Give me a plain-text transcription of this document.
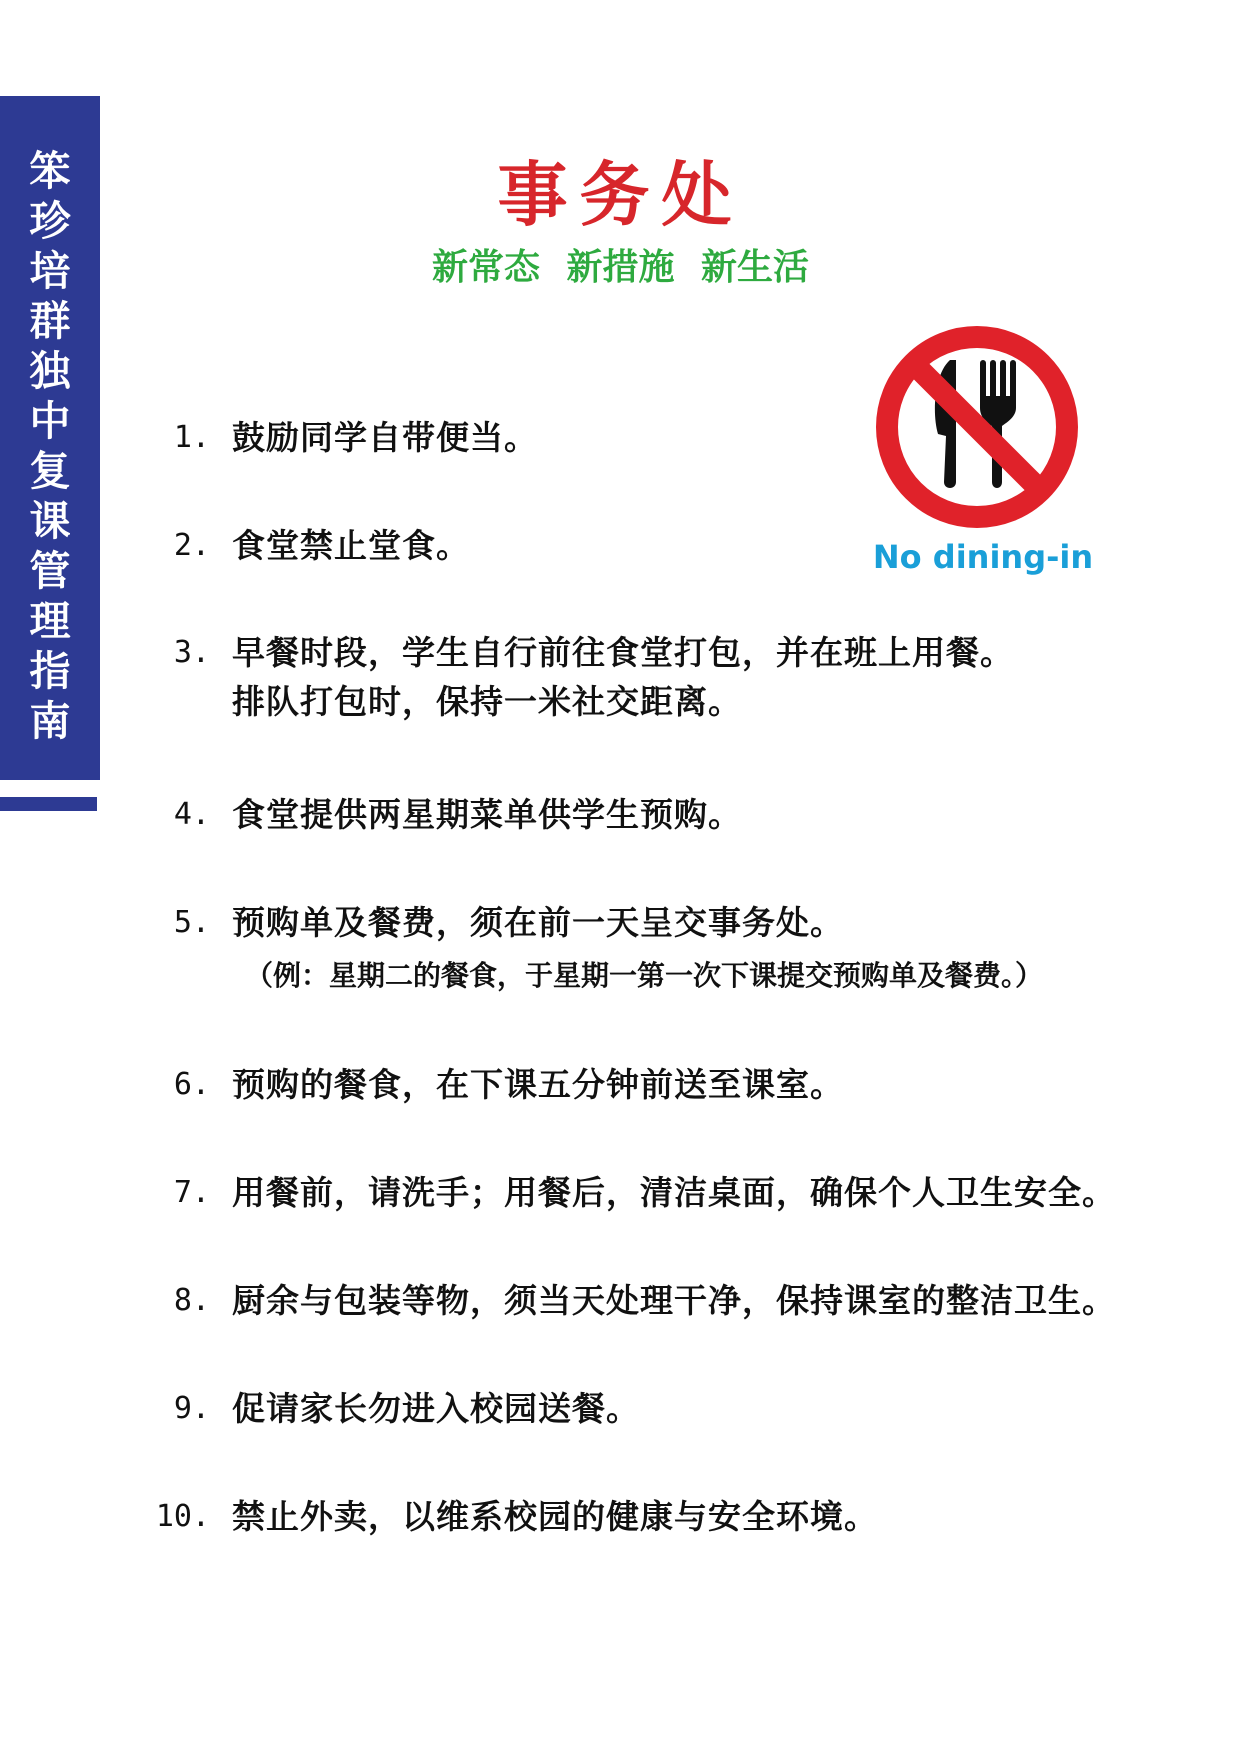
笨
珍
培
群
独
中
复
课
管
理
指
南
事务处
新常态 新措施 新生活
No dining-in
1. 鼓励同学自带便当。
2. 食堂禁止堂食。
3. 早餐时段，学生自行前往食堂打包，并在班上用餐。
排队打包时，保持一米社交距离。
4. 食堂提供两星期菜单供学生预购。
5. 预购单及餐费，须在前一天呈交事务处。
（例：星期二的餐食，于星期一第一次下课提交预购单及餐费。）
6. 预购的餐食，在下课五分钟前送至课室。
7. 用餐前，请洗手；用餐后，清洁桌面，确保个人卫生安全。
8. 厨余与包装等物，须当天处理干净，保持课室的整洁卫生。
9. 促请家长勿进入校园送餐。
10. 禁止外卖，以维系校园的健康与安全环境。
